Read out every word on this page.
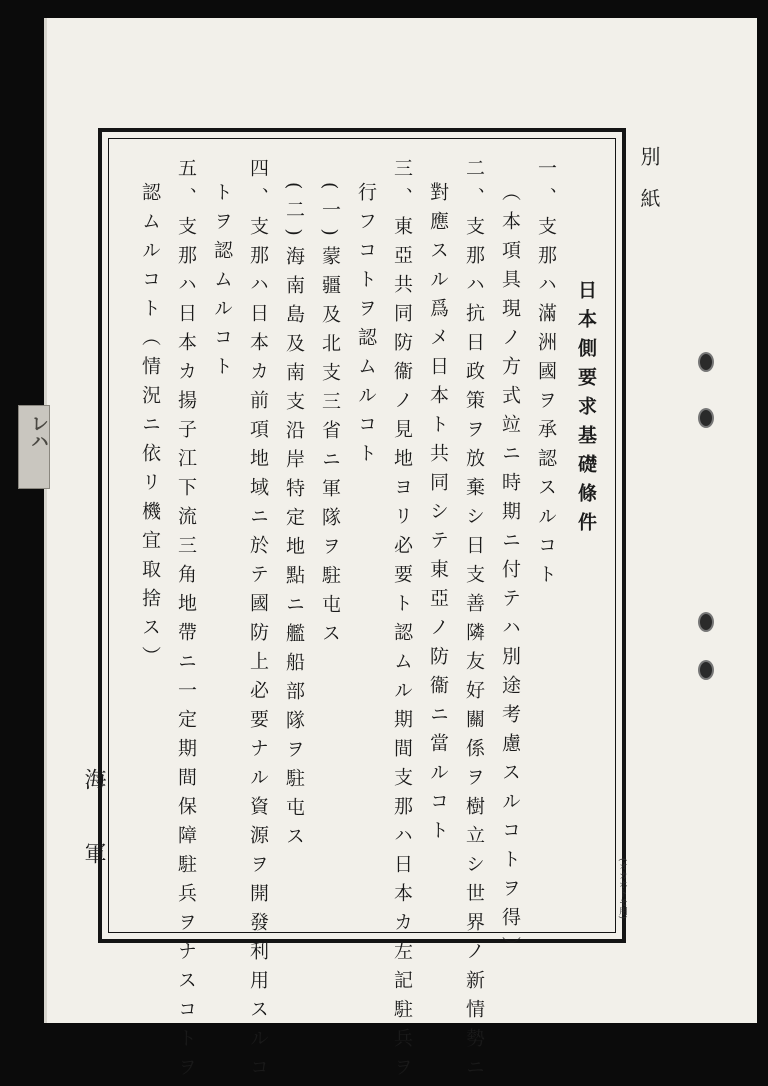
レハ
別紙
日本側要求基礎條件
一、支那ハ滿洲國ヲ承認スルコト
（本項具現ノ方式竝ニ時期ニ付テハ別途考慮スルコトヲ得）
二、支那ハ抗日政策ヲ放棄シ日支善隣友好關係ヲ樹立シ世界ノ新情勢ニ
對應スル爲メ日本ト共同シテ東亞ノ防衞ニ當ルコト
三、東亞共同防衞ノ見地ヨリ必要ト認ムル期間支那ハ日本カ左記駐兵ヲ
行フコトヲ認ムルコト
(一)蒙疆及北支三省ニ軍隊ヲ駐屯ス
(二)海南島及南支沿岸特定地點ニ艦船部隊ヲ駐屯ス
四、支那ハ日本カ前項地域ニ於テ國防上必要ナル資源ヲ開發利用スルコ
トヲ認ムルコト
五、支那ハ日本カ揚子江下流三角地帶ニ一定期間保障駐兵ヲナスコトヲ
認ムルコト（情況ニ依リ機宜取捨ス）
(オカホトモ用)
海軍
